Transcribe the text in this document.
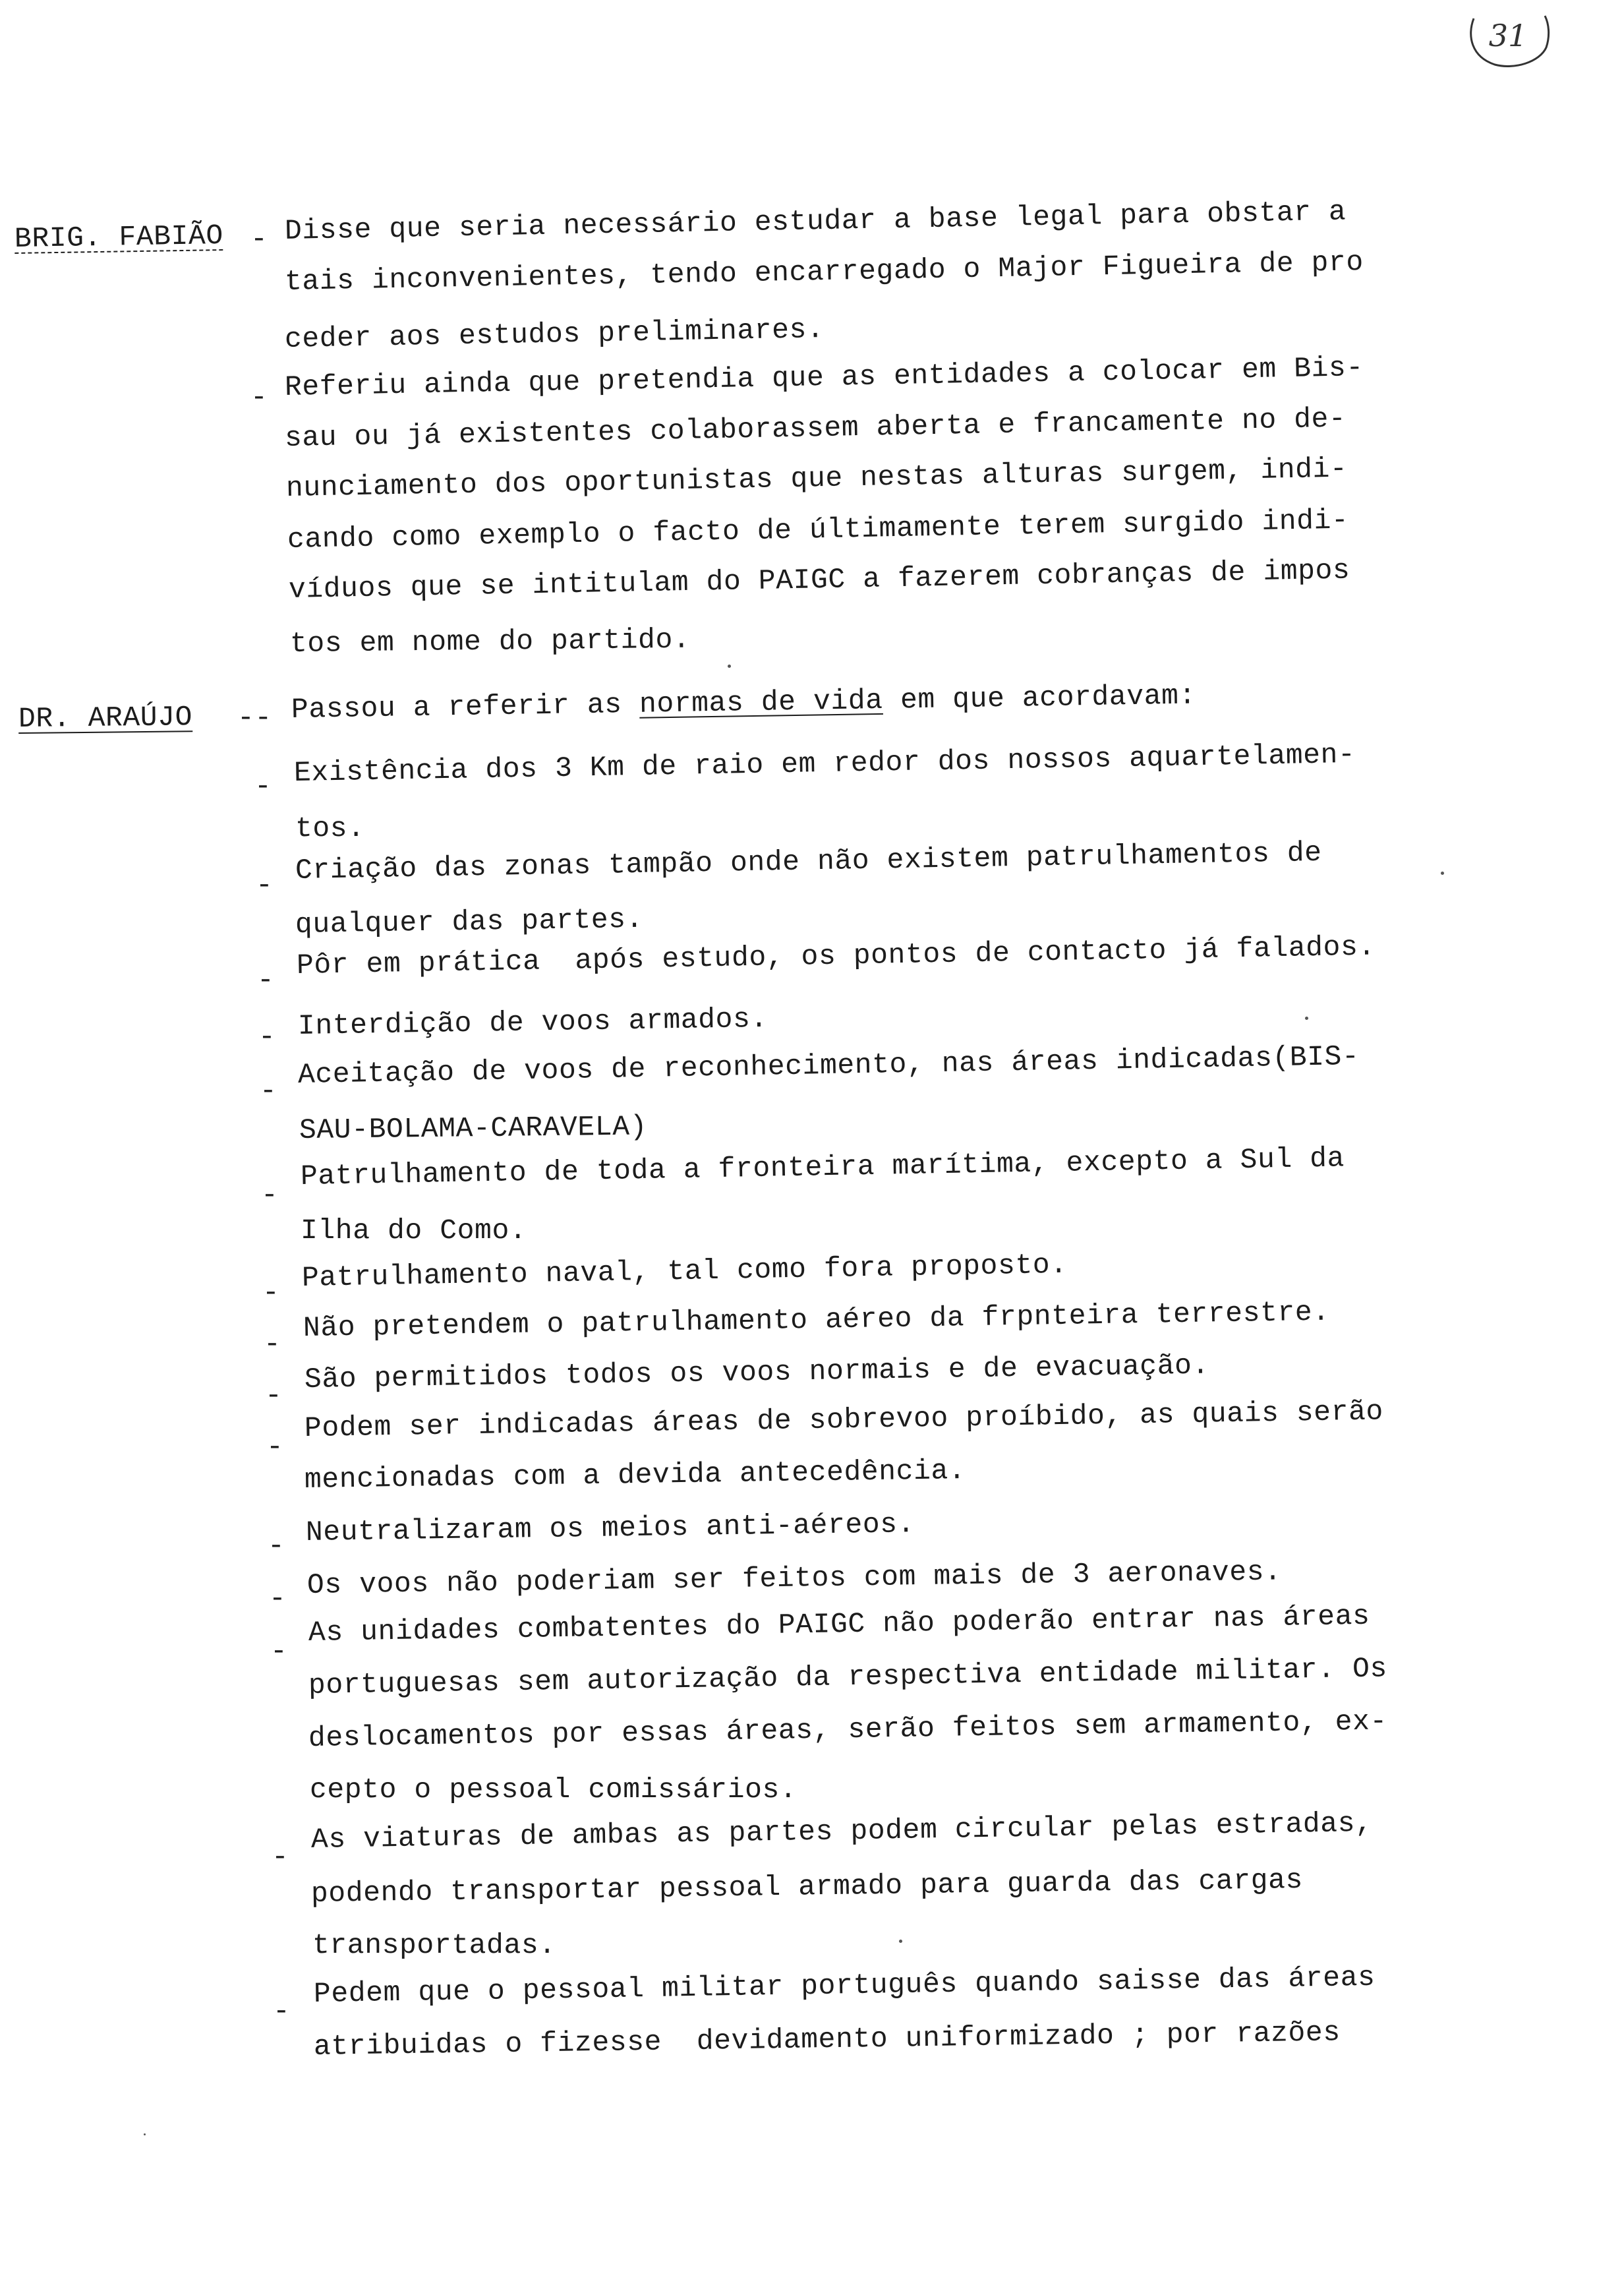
31
BRIG. FABIÃO - Disse que seria necessário estudar a base legal para obstar a
tais inconvenientes, tendo encarregado o Major Figueira de pro
ceder aos estudos preliminares.
- Referiu ainda que pretendia que as entidades a colocar em Bis-
sau ou já existentes colaborassem aberta e francamente no de-
nunciamento dos oportunistas que nestas alturas surgem, indi-
cando como exemplo o facto de últimamente terem surgido indi-
víduos que se intitulam do PAIGC a fazerem cobranças de impos
tos em nome do partido.
DR. ARAÚJO -- Passou a referir as normas de vida em que acordavam:
- Existência dos 3 Km de raio em redor dos nossos aquartelamen-
tos.
- Criação das zonas tampão onde não existem patrulhamentos de
qualquer das partes.
- Pôr em prática  após estudo, os pontos de contacto já falados.
- Interdição de voos armados.
- Aceitação de voos de reconhecimento, nas áreas indicadas(BIS-
SAU-BOLAMA-CARAVELA)
-
Patrulhamento de toda a fronteira marítima, excepto a Sul da
Ilha do Como.
- Patrulhamento naval, tal como fora proposto.
- Não pretendem o patrulhamento aéreo da frpnteira terrestre.
- São permitidos todos os voos normais e de evacuação.
-
Podem ser indicadas áreas de sobrevoo proíbido, as quais serão
mencionadas com a devida antecedência.
- Neutralizaram os meios anti-aéreos.
- Os voos não poderiam ser feitos com mais de 3 aeronaves.
-
As unidades combatentes do PAIGC não poderão entrar nas áreas
portuguesas sem autorização da respectiva entidade militar. Os
deslocamentos por essas áreas, serão feitos sem armamento, ex-
cepto o pessoal comissários.
-
As viaturas de ambas as partes podem circular pelas estradas,
podendo transportar pessoal armado para guarda das cargas
transportadas.
-
Pedem que o pessoal militar português quando saisse das áreas
atribuidas o fizesse  devidamento uniformizado ; por razões
